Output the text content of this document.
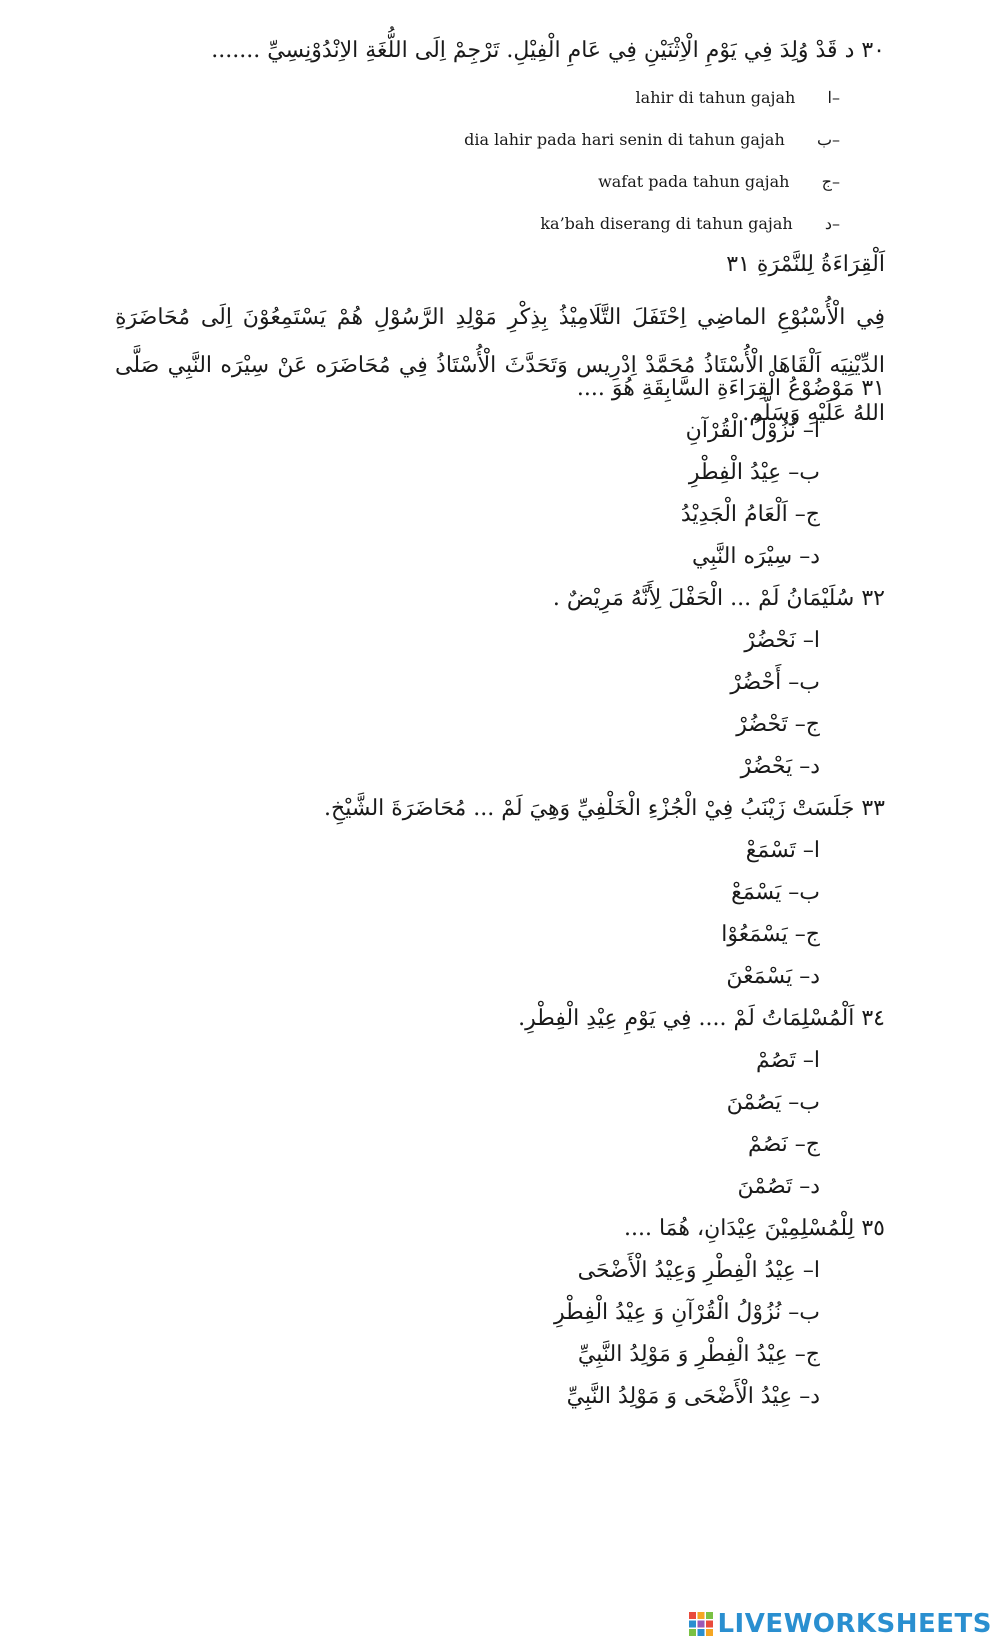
٣٠ د قَدْ وُلِدَ فِي يَوْمِ الْاِثْنَيْنِ فِي عَامِ الْفِيْلِ. تَرْجِمْ اِلَى اللُّغَةِ الاِنْدُوْنِسِيِّ .......
lahir di tahun gajah ا–
dia lahir pada hari senin di tahun gajah ب–
wafat pada tahun gajah ج–
ka’bah diserang di tahun gajah د–
اَلْقِرَاءَةُ لِلنَّمْرَةِ ٣١
فِي الْأُسْبُوْعِ الماضِي اِحْتَفَلَ التَّلَامِيْذُ بِذِكْرِ مَوْلِدِ الرَّسُوْلِ هُمْ يَسْتَمِعُوْنَ اِلَى مُحَاضَرَةِ الدِّيْنِيَه اَلْقَاهَا الْأُسْتَاذُ مُحَمَّدْ اِدْرِيس وَتَحَدَّثَ الْأُسْتَاذُ فِي مُحَاضَرَه عَنْ سِيْرَه النَّبِي صَلَّى اللهُ عَلَيْهِ وَسَلَّم.
٣١ مَوْضُوْعُ الْقِرَاءَةِ السَّابِقَةِ هُوَ ....
ا– نُزُوْلُ الْقُرْآنِ
ب– عِيْدُ الْفِطْرِ
ج– اَلْعَامُ الْجَدِيْدُ
د– سِيْرَه النَّبِي
٣٢ سُلَيْمَانُ لَمْ ... الْحَفْلَ لِأَنَّهُ مَرِيْضٌ .
ا– نَحْضُرْ
ب– أَحْضُرْ
ج– تَحْضُرْ
د– يَحْضُرْ
٣٣ جَلَسَتْ زَيْنَبُ فِيْ الْجُزْءِ الْخَلْفِيِّ وَهِيَ لَمْ ... مُحَاضَرَةَ الشَّيْخِ.
ا– تَسْمَعْ
ب– يَسْمَعْ
ج– يَسْمَعُوْا
د– يَسْمَعْنَ
٣٤ اَلْمُسْلِمَاتُ لَمْ .... فِي يَوْمِ عِيْدِ الْفِطْرِ.
ا– تَصُمْ
ب– يَصُمْنَ
ج– نَصُمْ
د– تَصُمْنَ
٣٥ لِلْمُسْلِمِيْنَ عِيْدَانِ، هُمَا ....
ا– عِيْدُ الْفِطْرِ وَعِيْدُ الْأَضْحَى
ب– نُزُوْلُ الْقُرْآنِ وَ عِيْدُ الْفِطْرِ
ج– عِيْدُ الْفِطْرِ وَ مَوْلِدُ النَّبِيِّ
د– عِيْدُ الْأَضْحَى وَ مَوْلِدُ النَّبِيِّ
LIVEWORKSHEETS
